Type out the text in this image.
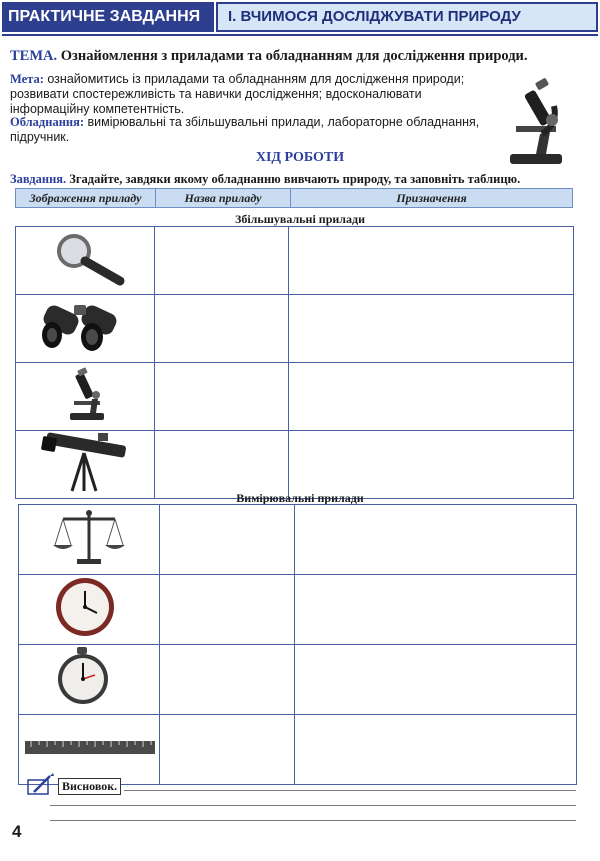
ПРАКТИЧНЕ ЗАВДАННЯ	I. ВЧИМОСЯ ДОСЛІДЖУВАТИ ПРИРОДУ
ТЕМА. Ознайомлення з приладами та обладнанням для дослідження природи.
Мета: ознайомитись із приладами та обладнанням для дослідження природи; розвивати спостережливість та навички дослідження; вдосконалювати інформаційну компетентність.
Обладнання: вимірювальні та збільшувальні прилади, лабораторне обладнання, підручник.
ХІД РОБОТИ
Завдання. Згадайте, завдяки якому обладнанню вивчають природу, та заповніть таблицю.
Зображення приладу	Назва приладу	Призначення
Збільшувальні прилади

Вимірювальні прилади

Висновок.
4
